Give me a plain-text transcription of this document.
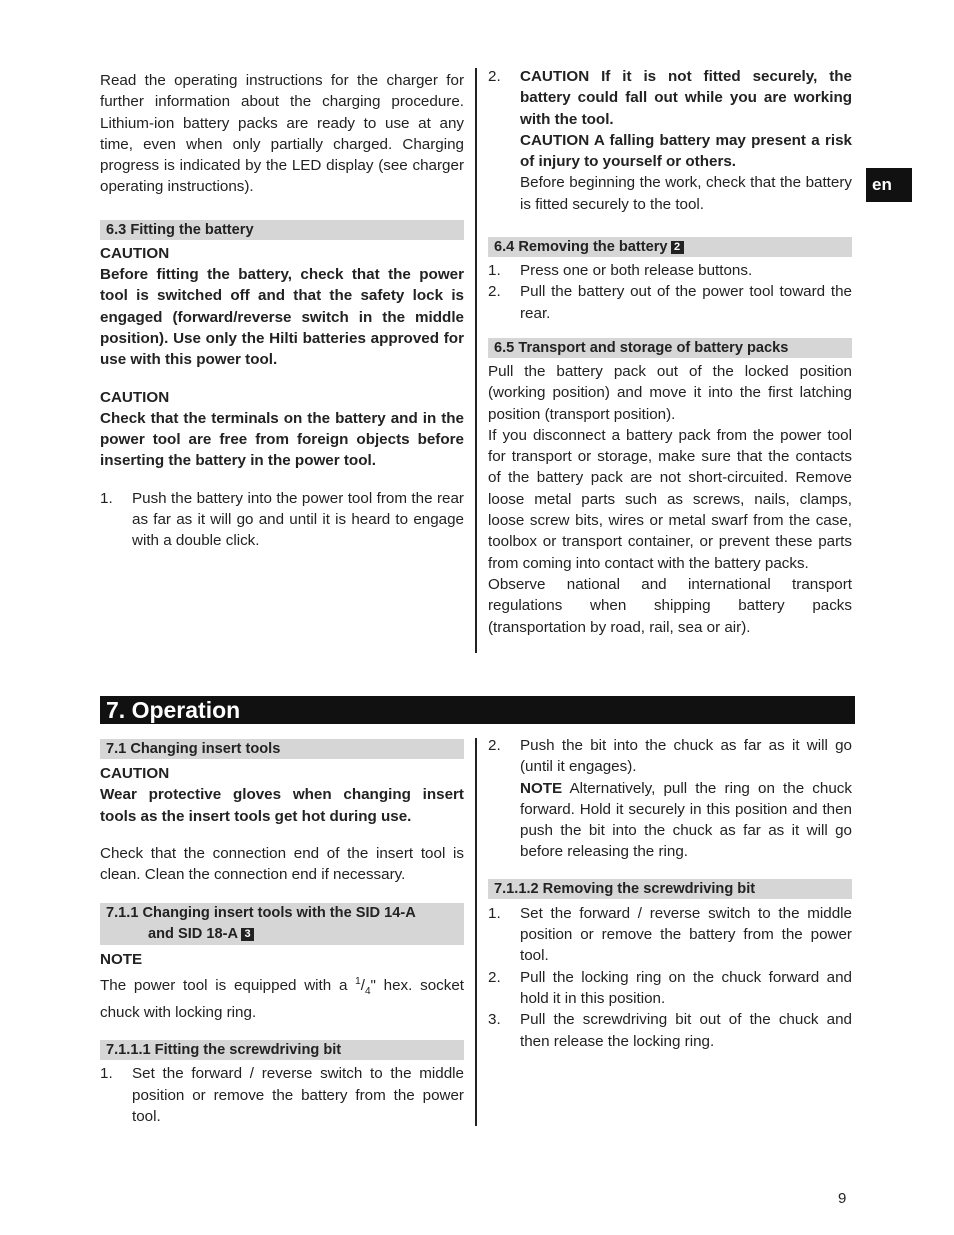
en

Read the operating instructions for the charger for further information about the charging procedure. Lithium-ion battery packs are ready to use at any time, even when only partially charged. Charging progress is indicated by the LED display (see charger operating instructions).

6.3 Fitting the battery
CAUTION

Before fitting the battery, check that the power tool is switched off and that the safety lock is engaged (forward/reverse switch in the middle position). Use only the Hilti batteries approved for use with this power tool.

CAUTION

Check that the terminals on the battery and in the power tool are free from foreign objects before inserting the battery in the power tool.

1.	Push the battery into the power tool from the rear as far as it will go and until it is heard to engage with a double click.
2.	CAUTION If it is not fitted securely, the battery could fall out while you are working with the tool.
CAUTION A falling battery may present a risk of injury to yourself or others.
Before beginning the work, check that the battery is fitted securely to the tool.
6.4 Removing the battery 2
1.	Press one or both release buttons.
2.	Pull the battery out of the power tool toward the rear.
6.5 Transport and storage of battery packs

Pull the battery pack out of the locked position (working position) and move it into the first latching position (transport position).

If you disconnect a battery pack from the power tool for transport or storage, make sure that the contacts of the battery pack are not short-circuited. Remove loose metal parts such as screws, nails, clamps, loose screw bits, wires or metal swarf from the case, toolbox or transport container, or prevent these parts from coming into contact with the battery packs.

Observe national and international transport regulations when shipping battery packs (transportation by road, rail, sea or air).

7. Operation
7.1 Changing insert tools
CAUTION

Wear protective gloves when changing insert tools as the insert tools get hot during use.

Check that the connection end of the insert tool is clean. Clean the connection end if necessary.

7.1.1 Changing insert tools with the SID 14-A
and SID 18-A 3
NOTE

The power tool is equipped with a $^1/_4$" hex. socket chuck with locking ring.

7.1.1.1 Fitting the screwdriving bit
1.	Set the forward / reverse switch to the middle position or remove the battery from the power tool.
2.	Push the bit into the chuck as far as it will go (until it engages).
NOTE Alternatively, pull the ring on the chuck forward. Hold it securely in this position and then push the bit into the chuck as far as it will go before releasing the ring.
7.1.1.2 Removing the screwdriving bit
1.	Set the forward / reverse switch to the middle position or remove the battery from the power tool.
2.	Pull the locking ring on the chuck forward and hold it in this position.
3.	Pull the screwdriving bit out of the chuck and then release the locking ring.
9
